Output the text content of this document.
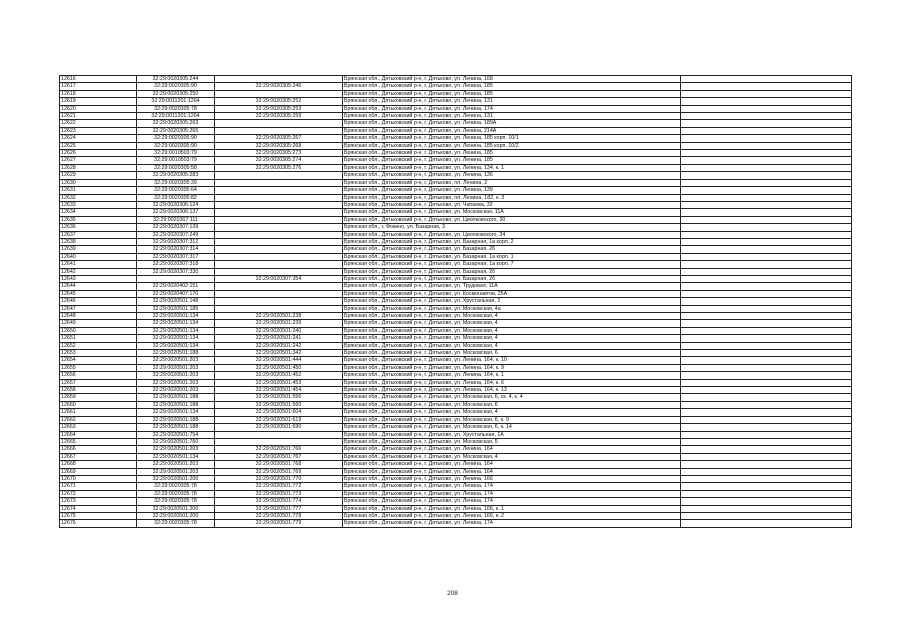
12616	32:29:0020305:244		Брянская обл., Дятьковский р-н, г. Дятьково, ул. Ленина, 168	
12617	32:29:0020305:90	32:29:0020305:246	Брянская обл., Дятьковский р-н, г. Дятьково, ул. Ленина, 185	
12618	32:29:0020305:250		Брянская обл., Дятьковский р-н, г. Дятьково, ул. Ленина, 185	
12619	32:29:0011201:1264	32:29:0020305:252	Брянская обл., Дятьковский р-н, г. Дятьково, ул. Ленина, 131	
12620	32:29:0020305:78	32:29:0020305:253	Брянская обл., Дятьковский р-н, г. Дятьково, ул. Ленина, 174	
12621	32:29:0011201:1264	32:29:0020305:259	Брянская обл., Дятьковский р-н, г. Дятьково, ул. Ленина, 131	
12622	32:29:0020305:263		Брянская обл., Дятьковский р-н, г. Дятьково, ул. Ленина, 189А	
12623	32:29:0020305:265		Брянская обл., Дятьковский р-н, г. Дятьково, ул. Ленина, 214А	
12624	32:29:0020305:90	32:29:0020305:267	Брянская обл., Дятьковский р-н, г. Дятьково, ул. Ленина, 185 корп. 10/1	
12625	32:29:0020305:90	32:29:0020305:268	Брянская обл., Дятьковский р-н, г. Дятьково, ул. Ленина, 185 корп. 10/2	
12626	32:29:0010503:79	32:29:0020305:273	Брянская обл., Дятьковский р-н, г. Дятьково, ул. Ленина, 185	
12627	32:29:0010503:79	32:29:0020305:274	Брянская обл., Дятьковский р-н, г. Дятьково, ул. Ленина, 185	
12628	32:29:0020305:58	32:29:0020305:276	Брянская обл., Дятьковский р-н, г. Дятьково, ул. Ленина, 134, к. 1	
12629	32:29:0020305:283		Брянская обл., Дятьковский р-н, г. Дятьково, ул. Ленина, 136	
12630	32:29:0020305:39		Брянская обл., Дятьковский р-н, г. Дятьково, пл. Ленина, 2	
12631	32:29:0020305:64		Брянская обл., Дятьковский р-н, г. Дятьково, ул. Ленина, 139	
12632	32:29:0020305:82		Брянская обл., Дятьковский р-н, г. Дятьково, пл. Ленина, 182, к. 3	
12633	32:29:0020306:124		Брянская обл., Дятьковский р-н, г. Дятьково, ул. Чапаева, 32	
12634	32:29:0020306:137		Брянская обл., Дятьковский р-н, г. Дятьково, ул. Московская, 11А	
12635	32:29:0020307:111		Брянская обл., Дятьковский р-н, г. Дятьково, ул. Циолковского, 30	
12636	32:29:0020307:139		Брянская обл., г. Фокино, ул. Базарная, 3	
12637	32:29:0020307:249		Брянская обл., Дятьковский р-н, г. Дятьково, ул. Циолковского, 34	
12638	32:29:0020307:312		Брянская обл., Дятьковский р-н, г. Дятьково, ул. Базарная, 1а корп. 2	
12639	32:29:0020307:314		Брянская обл., Дятьковский р-н, г. Дятьково, ул. Базарная, 26	
12640	32:29:0020307:317		Брянская обл., Дятьковский р-н, г. Дятьково, ул. Базарная, 1а корп. 1	
12641	32:29:0020307:318		Брянская обл., Дятьковский р-н, г. Дятьково, ул. Базарная, 1а корп. 7	
12642	32:29:0020307:330		Брянская обл., Дятьковский р-н, г. Дятьково, ул. Базарная, 2б	
12643		32:29:0020307:354	Брянская обл., Дятьковский р-н, г. Дятьково, ул. Базарная, 2б	
12644	32:29:0020402:151		Брянская обл., Дятьковский р-н, г. Дятьково, ул. Трудовая, 11А	
12645	32:29:0020407:170		Брянская обл., Дятьковский р-н, г. Дятьково, ул. Космонавтов, 25А	
12646	32:29:0020501:148		Брянская обл., Дятьковский р-н, г. Дятьково, ул. Хрустальная, 2	
12647	32:29:0020501:185		Брянская обл., Дятьковский р-н, г. Дятьково, ул. Московская, 4а	
12648	32:29:0020501:134	32:29:0020501:238	Брянская обл., Дятьковский р-н, г. Дятьково, ул. Московская, 4	
12649	32:29:0020501:134	32:29:0020501:239	Брянская обл., Дятьковский р-н, г. Дятьково, ул. Московская, 4	
12650	32:29:0020501:134	32:29:0020501:240	Брянская обл., Дятьковский р-н, г. Дятьково, ул. Московская, 4	
12651	32:29:0020501:134	32:29:0020501:241	Брянская обл., Дятьковский р-н, г. Дятьково, ул. Московская, 4	
12652	32:29:0020501:134	32:29:0020501:242	Брянская обл., Дятьковский р-н, г. Дятьково, ул. Московская, 4	
12653	32:29:0020501:188	32:29:0020501:342	Брянская обл., Дятьковский р-н, г. Дятьково, ул. Московская, 6	
12654	32:29:0020501:203	32:29:0020501:444	Брянская обл., Дятьковский р-н, г. Дятьково, ул. Ленина, 164, к. 10	
12655	32:29:0020501:203	32:29:0020501:450	Брянская обл., Дятьковский р-н, г. Дятьково, ул. Ленина, 164, к. 9	
12656	32:29:0020501:203	32:29:0020501:452	Брянская обл., Дятьковский р-н, г. Дятьково, ул. Ленина, 164, к. 1	
12657	32:29:0020501:203	32:29:0020501:453	Брянская обл., Дятьковский р-н, г. Дятьково, ул. Ленина, 164, к. 6	
12658	32:29:0020501:203	32:29:0020501:454	Брянская обл., Дятьковский р-н, г. Дятьково, ул. Ленина, 164, к. 13	
12659	32:29:0020501:188	32:29:0020501:556	Брянская обл., Дятьковский р-н, г. Дятьково, ул. Московская, 6, ск. 4, к. 4	
12660	32:29:0020501:188	32:29:0020501:560	Брянская обл., Дятьковский р-н, г. Дятьково, ул. Московская, 6	
12661	32:29:0020501:134	32:29:0020501:604	Брянская обл., Дятьковский р-н, г. Дятьково, ул. Московская, 4	
12662	32:29:0020501:188	32:29:0020501:619	Брянская обл., Дятьковский р-н, г. Дятьково, ул. Московская, 6, к. 9	
12663	32:29:0020501:188	32:29:0020501:690	Брянская обл., Дятьковский р-н, г. Дятьково, ул. Московская, 6, к. 14	
12664	32:29:0020501:754		Брянская обл., Дятьковский р-н, г. Дятьково, ул. Хрустальная, 1А	
12665	32:29:0020501:760		Брянская обл., Дятьковский р-н, г. Дятьково, ул. Московская, 5	
12666	32:29:0020501:203	32:29:0020501:766	Брянская обл., Дятьковский р-н, г. Дятьково, ул. Ленина, 164	
12667	32:29:0020501:134	32:29:0020501:767	Брянская обл., Дятьковский р-н, г. Дятьково, ул. Московская, 4	
12668	32:29:0020501:203	32:29:0020501:768	Брянская обл., Дятьковский р-н, г. Дятьково, ул. Ленина, 164	
12669	32:29:0020501:203	32:29:0020501:769	Брянская обл., Дятьковский р-н, г. Дятьково, ул. Ленина, 164	
12670	32:29:0020501:200	32:29:0020501:770	Брянская обл., Дятьковский р-н, г. Дятьково, ул. Ленина, 166	
12671	32:29:0020305:78	32:29:0020501:772	Брянская обл., Дятьковский р-н, г. Дятьково, ул. Ленина, 174	
12672	32:29:0020305:78	32:29:0020501:773	Брянская обл., Дятьковский р-н, г. Дятьково, ул. Ленина, 174	
12673	32:29:0020305:78	32:29:0020501:774	Брянская обл., Дятьковский р-н, г. Дятьково, ул. Ленина, 174	
12674	32:29:0020501:200	32:29:0020501:777	Брянская обл., Дятьковский р-н, г. Дятьково, ул. Ленина, 166, к. 1	
12675	32:29:0020501:200	32:29:0020501:778	Брянская обл., Дятьковский р-н, г. Дятьково, ул. Ленина, 166, к. 2	
12676	32:29:0020305:78	32:29:0020501:779	Брянская обл., Дятьковский р-н, г. Дятьково, ул. Ленина, 174	
208
